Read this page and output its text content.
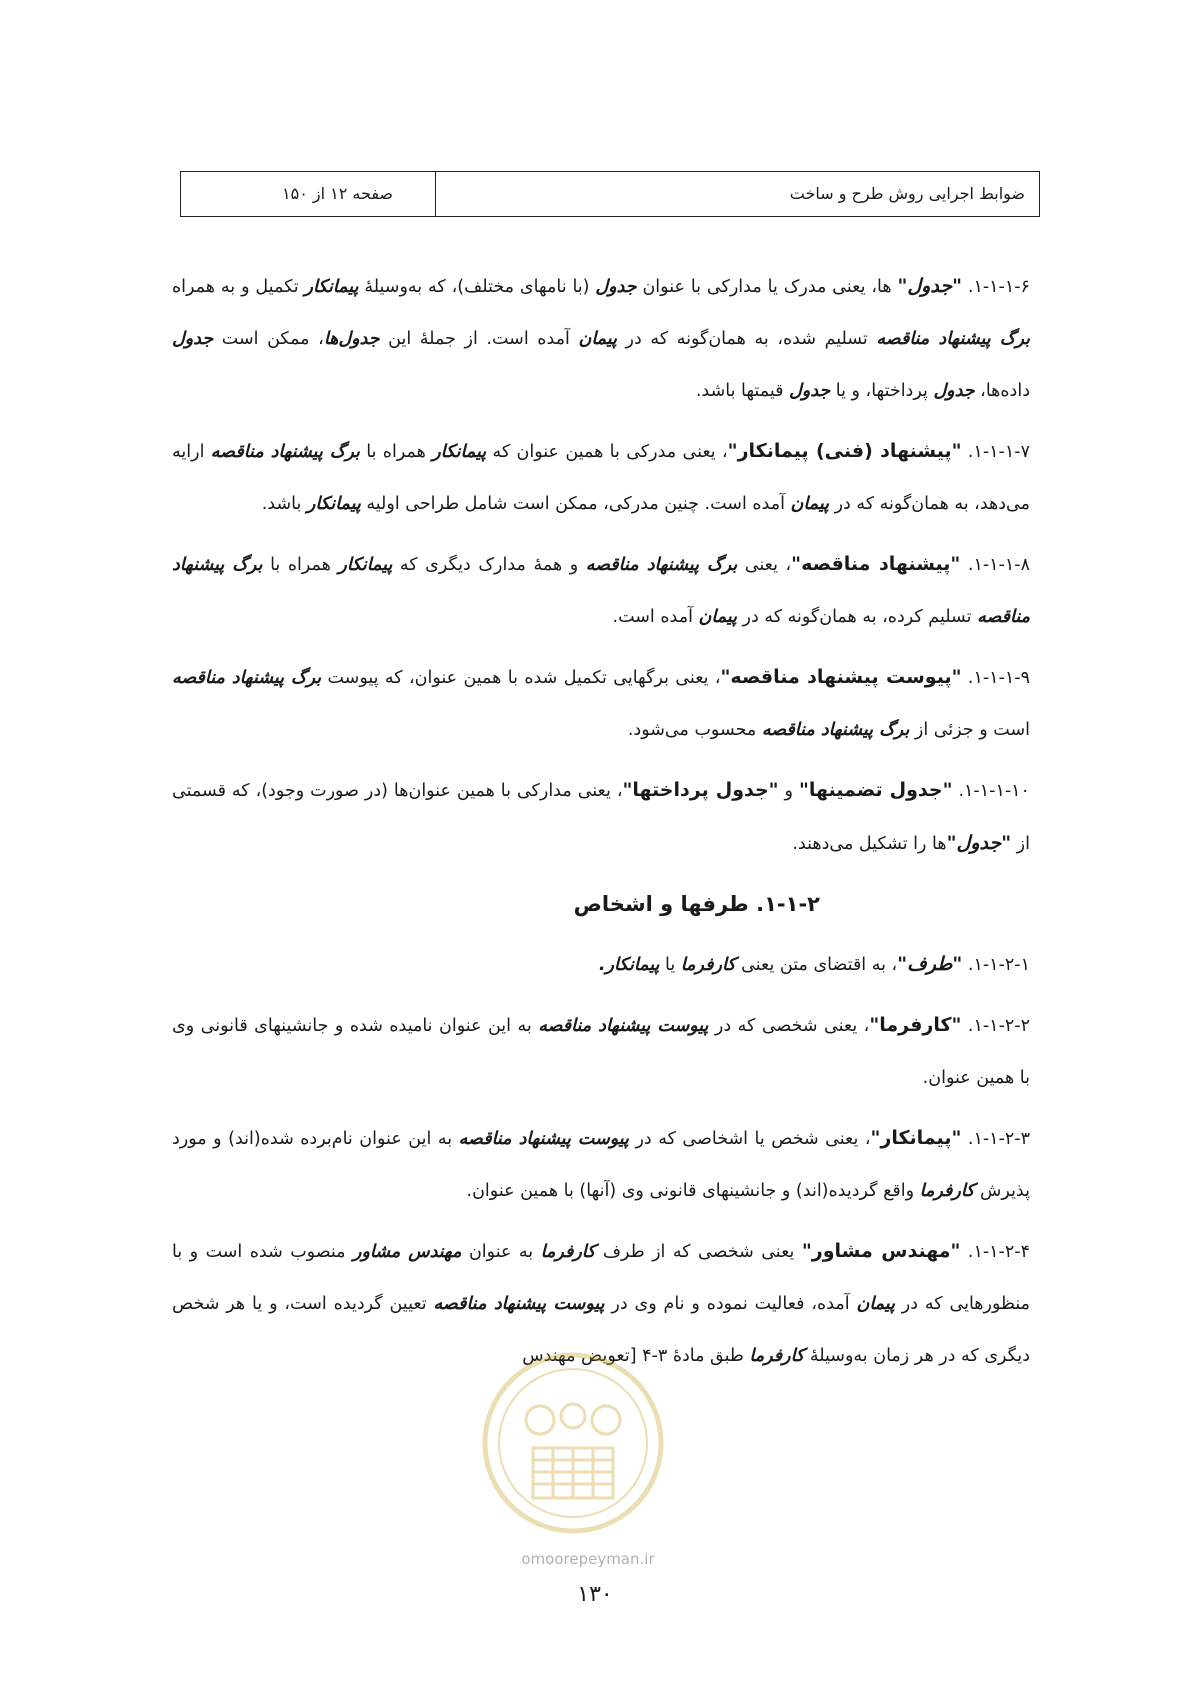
ضوابط اجرایی روش طرح و ساخت
صفحه ۱۲ از ۱۵۰

۱-۱-۱-۶. "جدول" ها، یعنی مدرک یا مدارکی با عنوان جدول (با نامهای مختلف)، که به‌وسیلۀ پیمانکار تکمیل و به همراه برگ پیشنهاد مناقصه تسلیم شده، به همان‌گونه که در پیمان آمده است. از جملۀ این جدول‌ها، ممکن است جدول داده‌ها، جدول پرداختها، و یا جدول قیمتها باشد.

۱-۱-۱-۷. "پیشنهاد (فنی) پیمانکار"، یعنی مدرکی با همین عنوان که پیمانکار همراه با برگ پیشنهاد مناقصه ارایه می‌دهد، به همان‌گونه که در پیمان آمده است. چنین مدرکی، ممکن است شامل طراحی اولیه پیمانکار باشد.

۱-۱-۱-۸. "پیشنهاد مناقصه"، یعنی برگ پیشنهاد مناقصه و همۀ مدارک دیگری که پیمانکار همراه با برگ پیشنهاد مناقصه تسلیم کرده، به همان‌گونه که در پیمان آمده است.

۱-۱-۱-۹. "پیوست پیشنهاد مناقصه"، یعنی برگهایی تکمیل شده با همین عنوان، که پیوست برگ پیشنهاد مناقصه است و جزئی از برگ پیشنهاد مناقصه محسوب می‌شود.

۱-۱-۱-۱۰. "جدول تضمینها" و "جدول پرداختها"، یعنی مدارکی با همین عنوان‌ها (در صورت وجود)، که قسمتی از "جدول"ها را تشکیل می‌دهند.

۱-۱-۲. طرفها و اشخاص

۱-۱-۲-۱. "طرف"، به اقتضای متن یعنی کارفرما یا پیمانکار.

۱-۱-۲-۲. "کارفرما"، یعنی شخصی که در پیوست پیشنهاد مناقصه به این عنوان نامیده شده و جانشینهای قانونی وی با همین عنوان.

۱-۱-۲-۳. "پیمانکار"، یعنی شخص یا اشخاصی که در پیوست پیشنهاد مناقصه به این عنوان نام‌برده شده(اند) و مورد پذیرش کارفرما واقع گردیده(اند) و جانشینهای قانونی وی (آنها) با همین عنوان.

۱-۱-۲-۴. "مهندس مشاور" یعنی شخصی که از طرف کارفرما به عنوان مهندس مشاور منصوب شده است و با منظورهایی که در پیمان آمده، فعالیت نموده و نام وی در پیوست پیشنهاد مناقصه تعیین گردیده است، و یا هر شخص دیگری که در هر زمان به‌وسیلۀ کارفرما طبق مادۀ ۳-۴ [تعویض مهندس

omoorepeyman.ir
۱۳۰
